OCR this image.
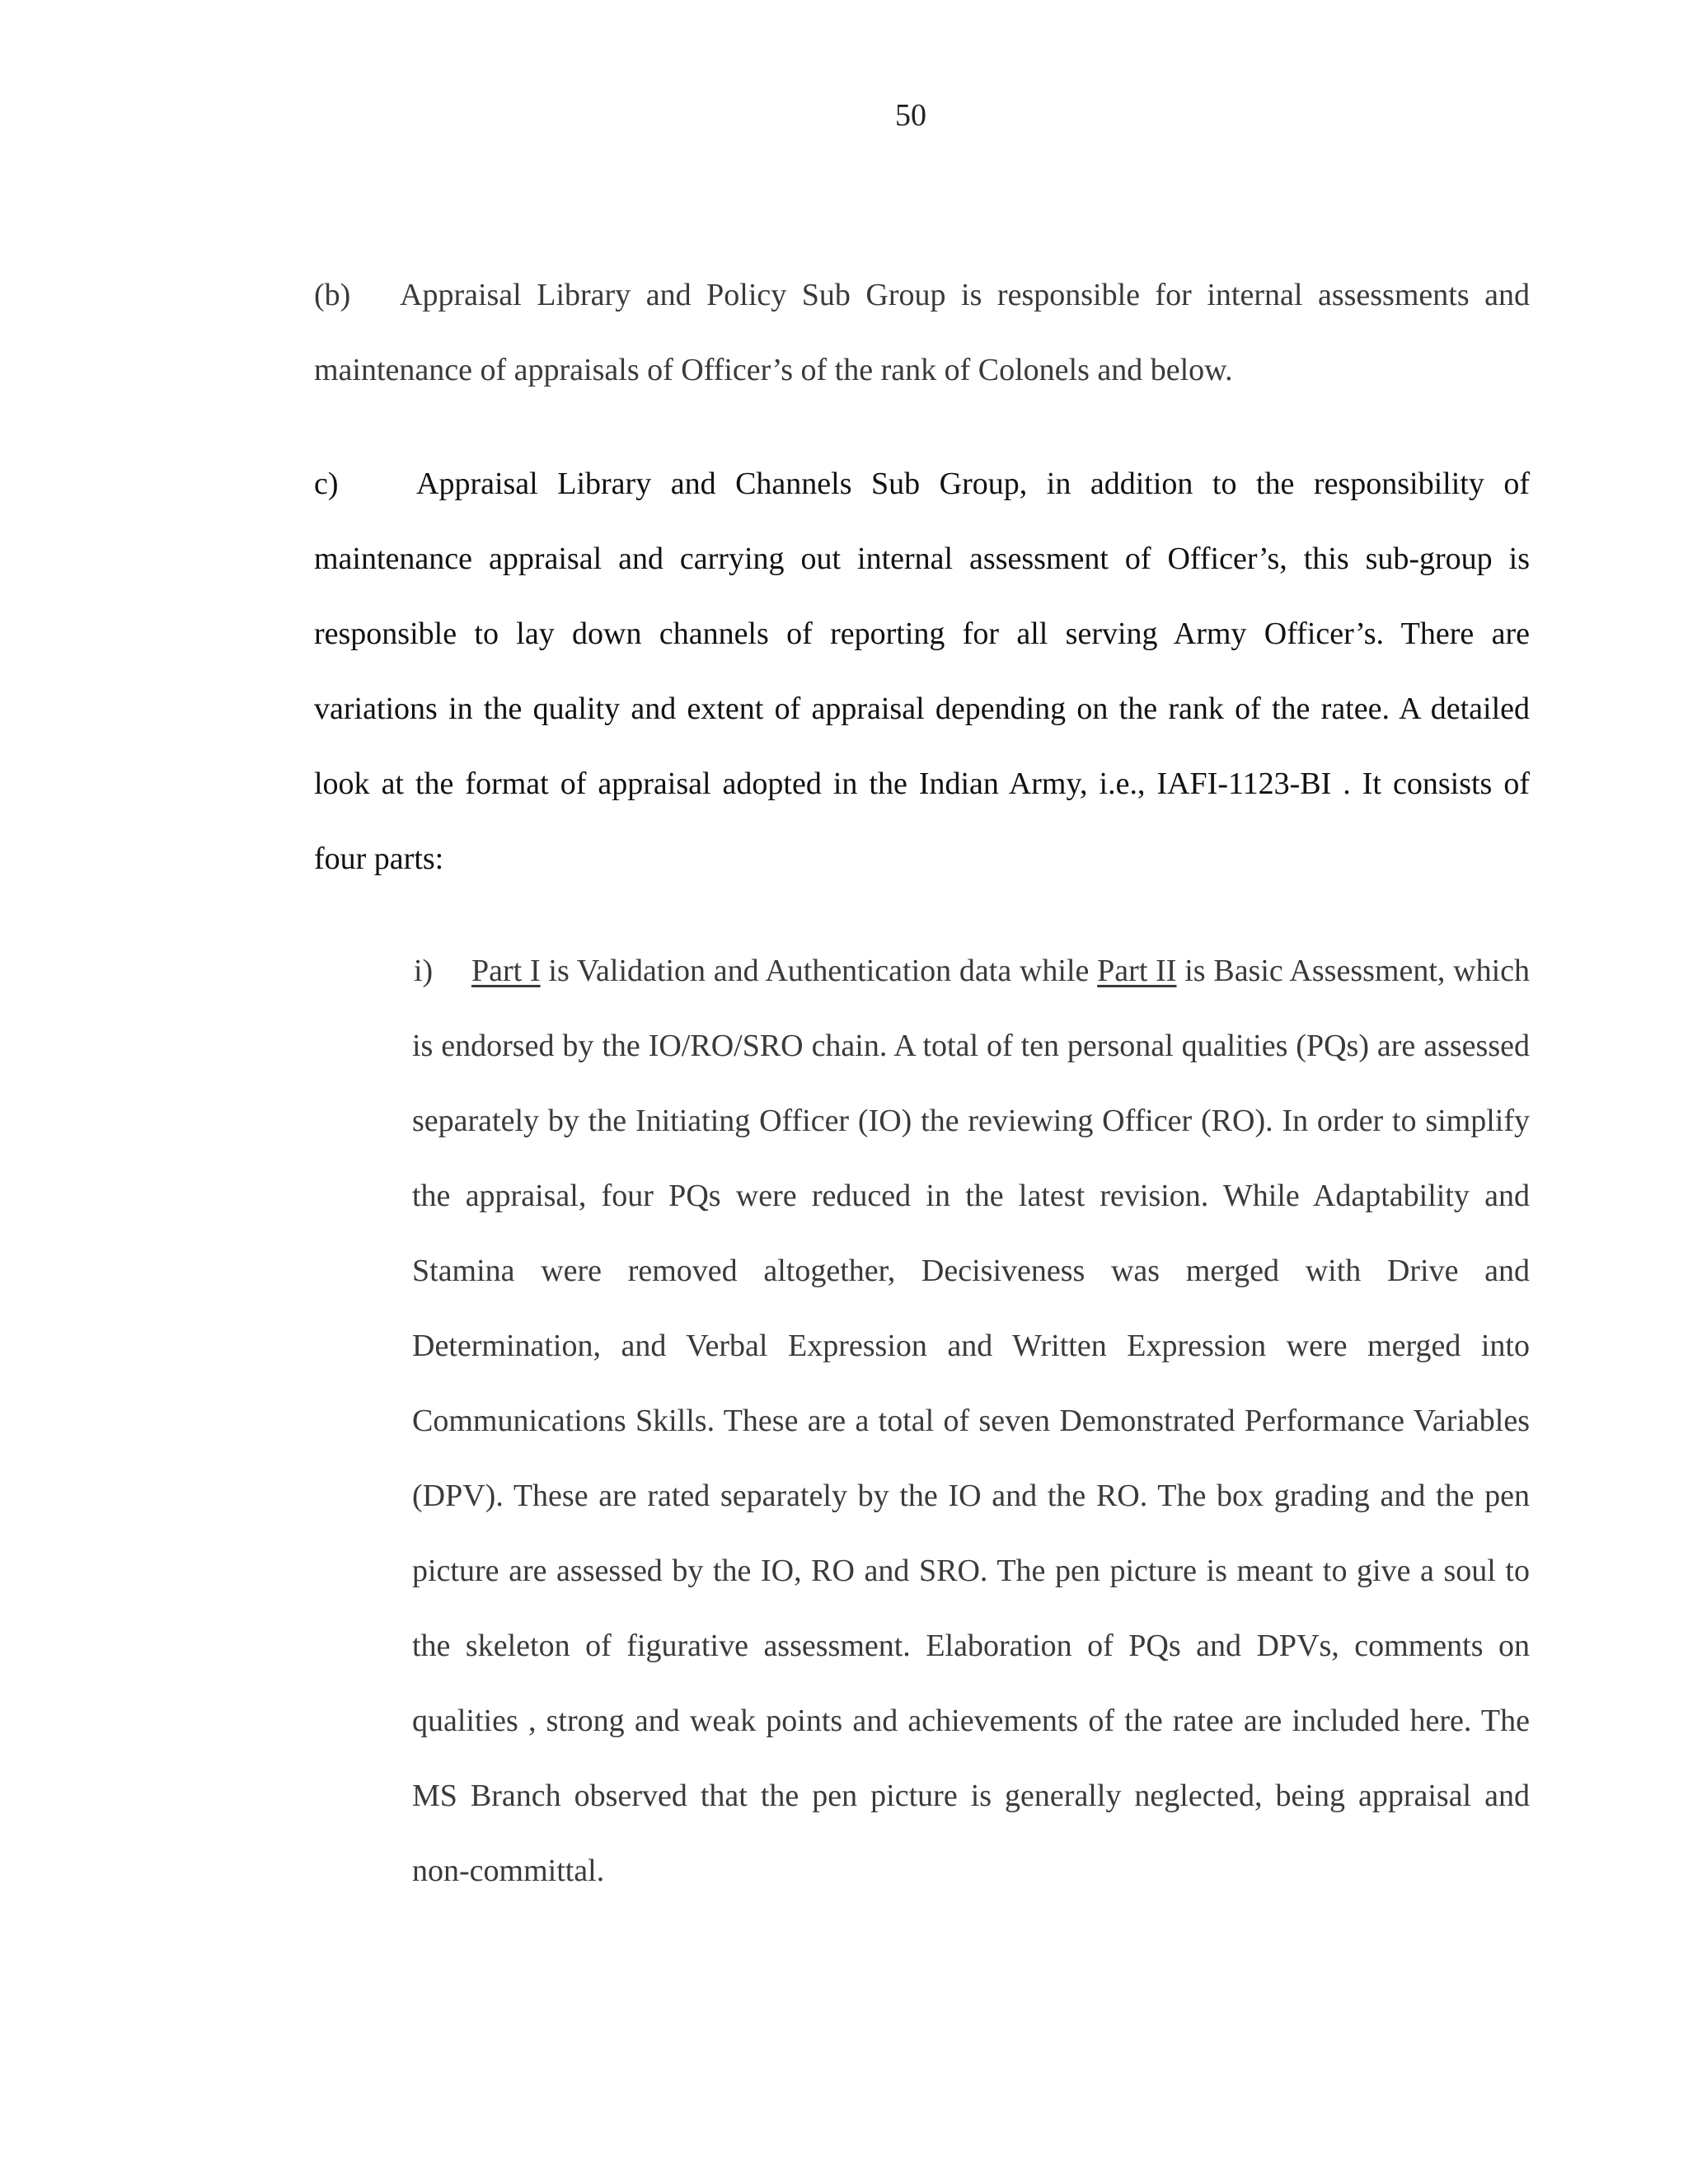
50

(b) Appraisal Library and Policy Sub Group is responsible for internal assessments and maintenance of appraisals of Officer’s of the rank of Colonels and below.

c) Appraisal Library and Channels Sub Group, in addition to the responsibility of maintenance appraisal and carrying out internal assessment of Officer’s, this sub-group is responsible to lay down channels of reporting for all serving Army Officer’s. There are variations in the quality and extent of appraisal depending on the rank of the ratee. A detailed look at the format of appraisal adopted in the Indian Army, i.e., IAFI-1123-BI . It consists of four parts:

i) Part I is Validation and Authentication data while Part II is Basic Assessment, which is endorsed by the IO/RO/SRO chain. A total of ten personal qualities (PQs) are assessed separately by the Initiating Officer (IO) the reviewing Officer (RO). In order to simplify the appraisal, four PQs were reduced in the latest revision. While Adaptability and Stamina were removed altogether, Decisiveness was merged with Drive and Determination, and Verbal Expression and Written Expression were merged into Communications Skills. These are a total of seven Demonstrated Performance Variables (DPV). These are rated separately by the IO and the RO. The box grading and the pen picture are assessed by the IO, RO and SRO. The pen picture is meant to give a soul to the skeleton of figurative assessment. Elaboration of PQs and DPVs, comments on qualities , strong and weak points and achievements of the ratee are included here. The MS Branch observed that the pen picture is generally neglected, being appraisal and non-committal.
